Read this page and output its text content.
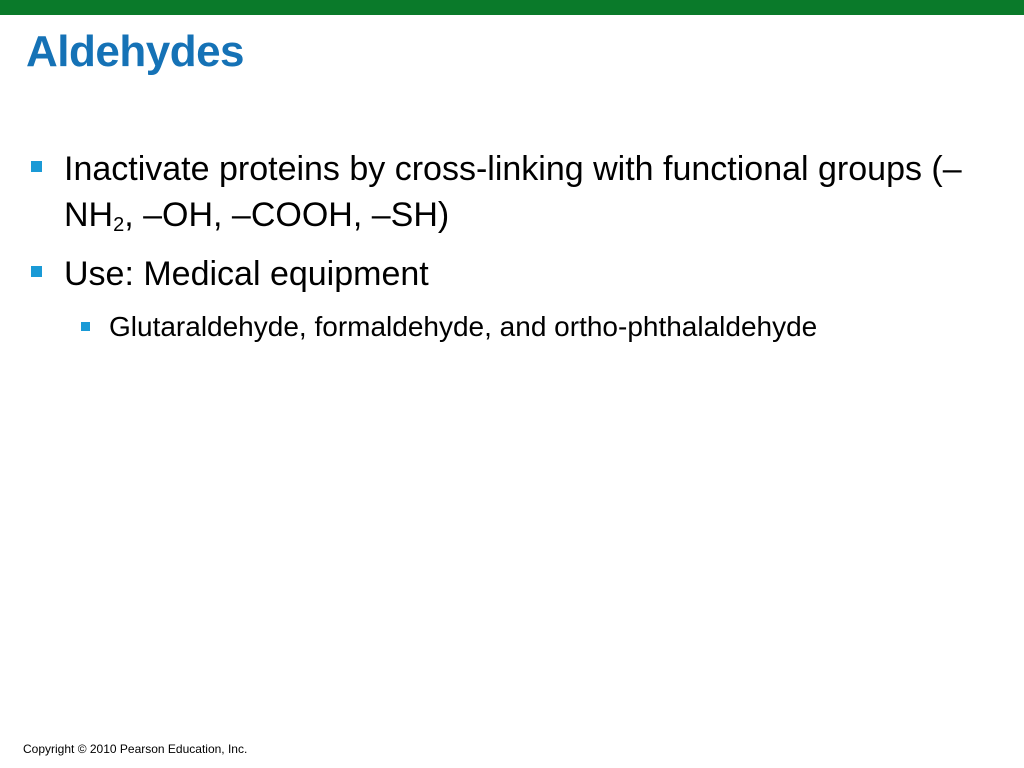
Aldehydes
Inactivate proteins by cross-linking with functional groups ($-NH_2$, –OH, –COOH, –SH)
Use: Medical equipment
Glutaraldehyde, formaldehyde, and ortho-phthalaldehyde
Copyright © 2010 Pearson Education, Inc.
